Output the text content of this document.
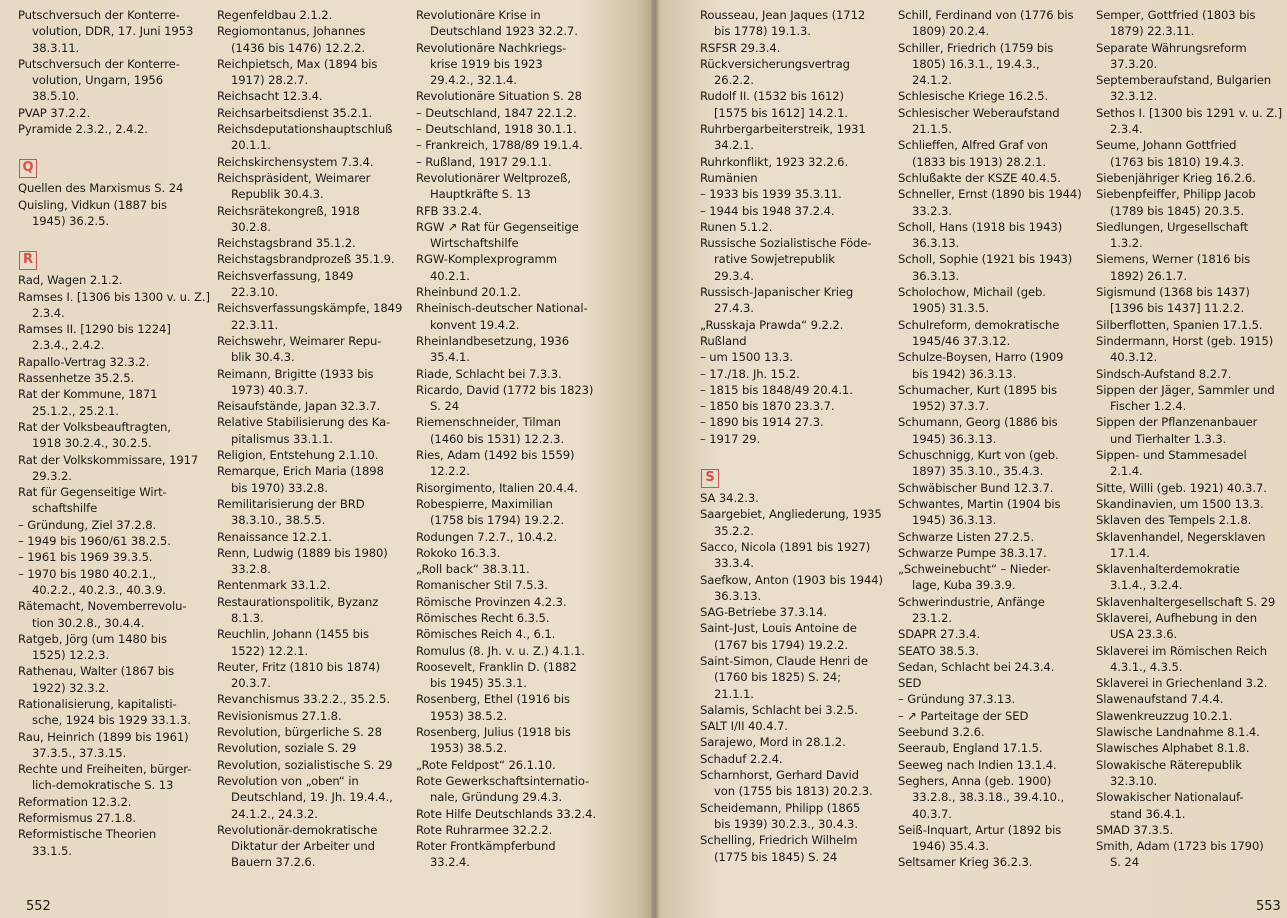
Putschversuch der Konterre-
volution, DDR, 17. Juni 1953
38.3.11.
Putschversuch der Konterre-
volution, Ungarn, 1956
38.5.10.
PVAP 37.2.2.
Pyramide 2.3.2., 2.4.2.
Q
Quellen des Marxismus S. 24
Quisling, Vidkun (1887 bis
1945) 36.2.5.
R
Rad, Wagen 2.1.2.
Ramses I. [1306 bis 1300 v. u. Z.]
2.3.4.
Ramses II. [1290 bis 1224]
2.3.4., 2.4.2.
Rapallo-Vertrag 32.3.2.
Rassenhetze 35.2.5.
Rat der Kommune, 1871
25.1.2., 25.2.1.
Rat der Volksbeauftragten,
1918 30.2.4., 30.2.5.
Rat der Volkskommissare, 1917
29.3.2.
Rat für Gegenseitige Wirt-
schaftshilfe
– Gründung, Ziel 37.2.8.
– 1949 bis 1960/61 38.2.5.
– 1961 bis 1969 39.3.5.
– 1970 bis 1980 40.2.1.,
40.2.2., 40.2.3., 40.3.9.
Rätemacht, Novemberrevolu-
tion 30.2.8., 30.4.4.
Ratgeb, Jörg (um 1480 bis
1525) 12.2.3.
Rathenau, Walter (1867 bis
1922) 32.3.2.
Rationalisierung, kapitalisti-
sche, 1924 bis 1929 33.1.3.
Rau, Heinrich (1899 bis 1961)
37.3.5., 37.3.15.
Rechte und Freiheiten, bürger-
lich-demokratische S. 13
Reformation 12.3.2.
Reformismus 27.1.8.
Reformistische Theorien
33.1.5.
Regenfeldbau 2.1.2.
Regiomontanus, Johannes
(1436 bis 1476) 12.2.2.
Reichpietsch, Max (1894 bis
1917) 28.2.7.
Reichsacht 12.3.4.
Reichsarbeitsdienst 35.2.1.
Reichsdeputationshauptschluß
20.1.1.
Reichskirchensystem 7.3.4.
Reichspräsident, Weimarer
Republik 30.4.3.
Reichsrätekongreß, 1918
30.2.8.
Reichstagsbrand 35.1.2.
Reichstagsbrandprozeß 35.1.9.
Reichsverfassung, 1849
22.3.10.
Reichsverfassungskämpfe, 1849
22.3.11.
Reichswehr, Weimarer Repu-
blik 30.4.3.
Reimann, Brigitte (1933 bis
1973) 40.3.7.
Reisaufstände, Japan 32.3.7.
Relative Stabilisierung des Ka-
pitalismus 33.1.1.
Religion, Entstehung 2.1.10.
Remarque, Erich Maria (1898
bis 1970) 33.2.8.
Remilitarisierung der BRD
38.3.10., 38.5.5.
Renaissance 12.2.1.
Renn, Ludwig (1889 bis 1980)
33.2.8.
Rentenmark 33.1.2.
Restaurationspolitik, Byzanz
8.1.3.
Reuchlin, Johann (1455 bis
1522) 12.2.1.
Reuter, Fritz (1810 bis 1874)
20.3.7.
Revanchismus 33.2.2., 35.2.5.
Revisionismus 27.1.8.
Revolution, bürgerliche S. 28
Revolution, soziale S. 29
Revolution, sozialistische S. 29
Revolution von „oben“ in
Deutschland, 19. Jh. 19.4.4.,
24.1.2., 24.3.2.
Revolutionär-demokratische
Diktatur der Arbeiter und
Bauern 37.2.6.
Revolutionäre Krise in
Deutschland 1923 32.2.7.
Revolutionäre Nachkriegs-
krise 1919 bis 1923
29.4.2., 32.1.4.
Revolutionäre Situation S. 28
– Deutschland, 1847 22.1.2.
– Deutschland, 1918 30.1.1.
– Frankreich, 1788/89 19.1.4.
– Rußland, 1917 29.1.1.
Revolutionärer Weltprozeß,
Hauptkräfte S. 13
RFB 33.2.4.
RGW ↗ Rat für Gegenseitige
Wirtschaftshilfe
RGW-Komplexprogramm
40.2.1.
Rheinbund 20.1.2.
Rheinisch-deutscher National-
konvent 19.4.2.
Rheinlandbesetzung, 1936
35.4.1.
Riade, Schlacht bei 7.3.3.
Ricardo, David (1772 bis 1823)
S. 24
Riemenschneider, Tilman
(1460 bis 1531) 12.2.3.
Ries, Adam (1492 bis 1559)
12.2.2.
Risorgimento, Italien 20.4.4.
Robespierre, Maximilian
(1758 bis 1794) 19.2.2.
Rodungen 7.2.7., 10.4.2.
Rokoko 16.3.3.
„Roll back“ 38.3.11.
Romanischer Stil 7.5.3.
Römische Provinzen 4.2.3.
Römisches Recht 6.3.5.
Römisches Reich 4., 6.1.
Romulus (8. Jh. v. u. Z.) 4.1.1.
Roosevelt, Franklin D. (1882
bis 1945) 35.3.1.
Rosenberg, Ethel (1916 bis
1953) 38.5.2.
Rosenberg, Julius (1918 bis
1953) 38.5.2.
„Rote Feldpost“ 26.1.10.
Rote Gewerkschaftsinternatio-
nale, Gründung 29.4.3.
Rote Hilfe Deutschlands 33.2.4.
Rote Ruhrarmee 32.2.2.
Roter Frontkämpferbund
33.2.4.
552
Rousseau, Jean Jaques (1712
bis 1778) 19.1.3.
RSFSR 29.3.4.
Rückversicherungsvertrag
26.2.2.
Rudolf II. (1532 bis 1612)
[1575 bis 1612] 14.2.1.
Ruhrbergarbeiterstreik, 1931
34.2.1.
Ruhrkonflikt, 1923 32.2.6.
Rumänien
– 1933 bis 1939 35.3.11.
– 1944 bis 1948 37.2.4.
Runen 5.1.2.
Russische Sozialistische Föde-
rative Sowjetrepublik
29.3.4.
Russisch-Japanischer Krieg
27.4.3.
„Russkaja Prawda“ 9.2.2.
Rußland
– um 1500 13.3.
– 17./18. Jh. 15.2.
– 1815 bis 1848/49 20.4.1.
– 1850 bis 1870 23.3.7.
– 1890 bis 1914 27.3.
– 1917 29.
S
SA 34.2.3.
Saargebiet, Angliederung, 1935
35.2.2.
Sacco, Nicola (1891 bis 1927)
33.3.4.
Saefkow, Anton (1903 bis 1944)
36.3.13.
SAG-Betriebe 37.3.14.
Saint-Just, Louis Antoine de
(1767 bis 1794) 19.2.2.
Saint-Simon, Claude Henri de
(1760 bis 1825) S. 24;
21.1.1.
Salamis, Schlacht bei 3.2.5.
SALT I/II 40.4.7.
Sarajewo, Mord in 28.1.2.
Schaduf 2.2.4.
Scharnhorst, Gerhard David
von (1755 bis 1813) 20.2.3.
Scheidemann, Philipp (1865
bis 1939) 30.2.3., 30.4.3.
Schelling, Friedrich Wilhelm
(1775 bis 1845) S. 24
Schill, Ferdinand von (1776 bis
1809) 20.2.4.
Schiller, Friedrich (1759 bis
1805) 16.3.1., 19.4.3.,
24.1.2.
Schlesische Kriege 16.2.5.
Schlesischer Weberaufstand
21.1.5.
Schlieffen, Alfred Graf von
(1833 bis 1913) 28.2.1.
Schlußakte der KSZE 40.4.5.
Schneller, Ernst (1890 bis 1944)
33.2.3.
Scholl, Hans (1918 bis 1943)
36.3.13.
Scholl, Sophie (1921 bis 1943)
36.3.13.
Scholochow, Michail (geb.
1905) 31.3.5.
Schulreform, demokratische
1945/46 37.3.12.
Schulze-Boysen, Harro (1909
bis 1942) 36.3.13.
Schumacher, Kurt (1895 bis
1952) 37.3.7.
Schumann, Georg (1886 bis
1945) 36.3.13.
Schuschnigg, Kurt von (geb.
1897) 35.3.10., 35.4.3.
Schwäbischer Bund 12.3.7.
Schwantes, Martin (1904 bis
1945) 36.3.13.
Schwarze Listen 27.2.5.
Schwarze Pumpe 38.3.17.
„Schweinebucht“ – Nieder-
lage, Kuba 39.3.9.
Schwerindustrie, Anfänge
23.1.2.
SDAPR 27.3.4.
SEATO 38.5.3.
Sedan, Schlacht bei 24.3.4.
SED
– Gründung 37.3.13.
– ↗ Parteitage der SED
Seebund 3.2.6.
Seeraub, England 17.1.5.
Seeweg nach Indien 13.1.4.
Seghers, Anna (geb. 1900)
33.2.8., 38.3.18., 39.4.10.,
40.3.7.
Seiß-Inquart, Artur (1892 bis
1946) 35.4.3.
Seltsamer Krieg 36.2.3.
Semper, Gottfried (1803 bis
1879) 22.3.11.
Separate Währungsreform
37.3.20.
Septemberaufstand, Bulgarien
32.3.12.
Sethos I. [1300 bis 1291 v. u. Z.]
2.3.4.
Seume, Johann Gottfried
(1763 bis 1810) 19.4.3.
Siebenjähriger Krieg 16.2.6.
Siebenpfeiffer, Philipp Jacob
(1789 bis 1845) 20.3.5.
Siedlungen, Urgesellschaft
1.3.2.
Siemens, Werner (1816 bis
1892) 26.1.7.
Sigismund (1368 bis 1437)
[1396 bis 1437] 11.2.2.
Silberflotten, Spanien 17.1.5.
Sindermann, Horst (geb. 1915)
40.3.12.
Sindsch-Aufstand 8.2.7.
Sippen der Jäger, Sammler und
Fischer 1.2.4.
Sippen der Pflanzenanbauer
und Tierhalter 1.3.3.
Sippen- und Stammesadel
2.1.4.
Sitte, Willi (geb. 1921) 40.3.7.
Skandinavien, um 1500 13.3.
Sklaven des Tempels 2.1.8.
Sklavenhandel, Negersklaven
17.1.4.
Sklavenhalterdemokratie
3.1.4., 3.2.4.
Sklavenhaltergesellschaft S. 29
Sklaverei, Aufhebung in den
USA 23.3.6.
Sklaverei im Römischen Reich
4.3.1., 4.3.5.
Sklaverei in Griechenland 3.2.
Slawenaufstand 7.4.4.
Slawenkreuzzug 10.2.1.
Slawische Landnahme 8.1.4.
Slawisches Alphabet 8.1.8.
Slowakische Räterepublik
32.3.10.
Slowakischer Nationalauf-
stand 36.4.1.
SMAD 37.3.5.
Smith, Adam (1723 bis 1790)
S. 24
553
